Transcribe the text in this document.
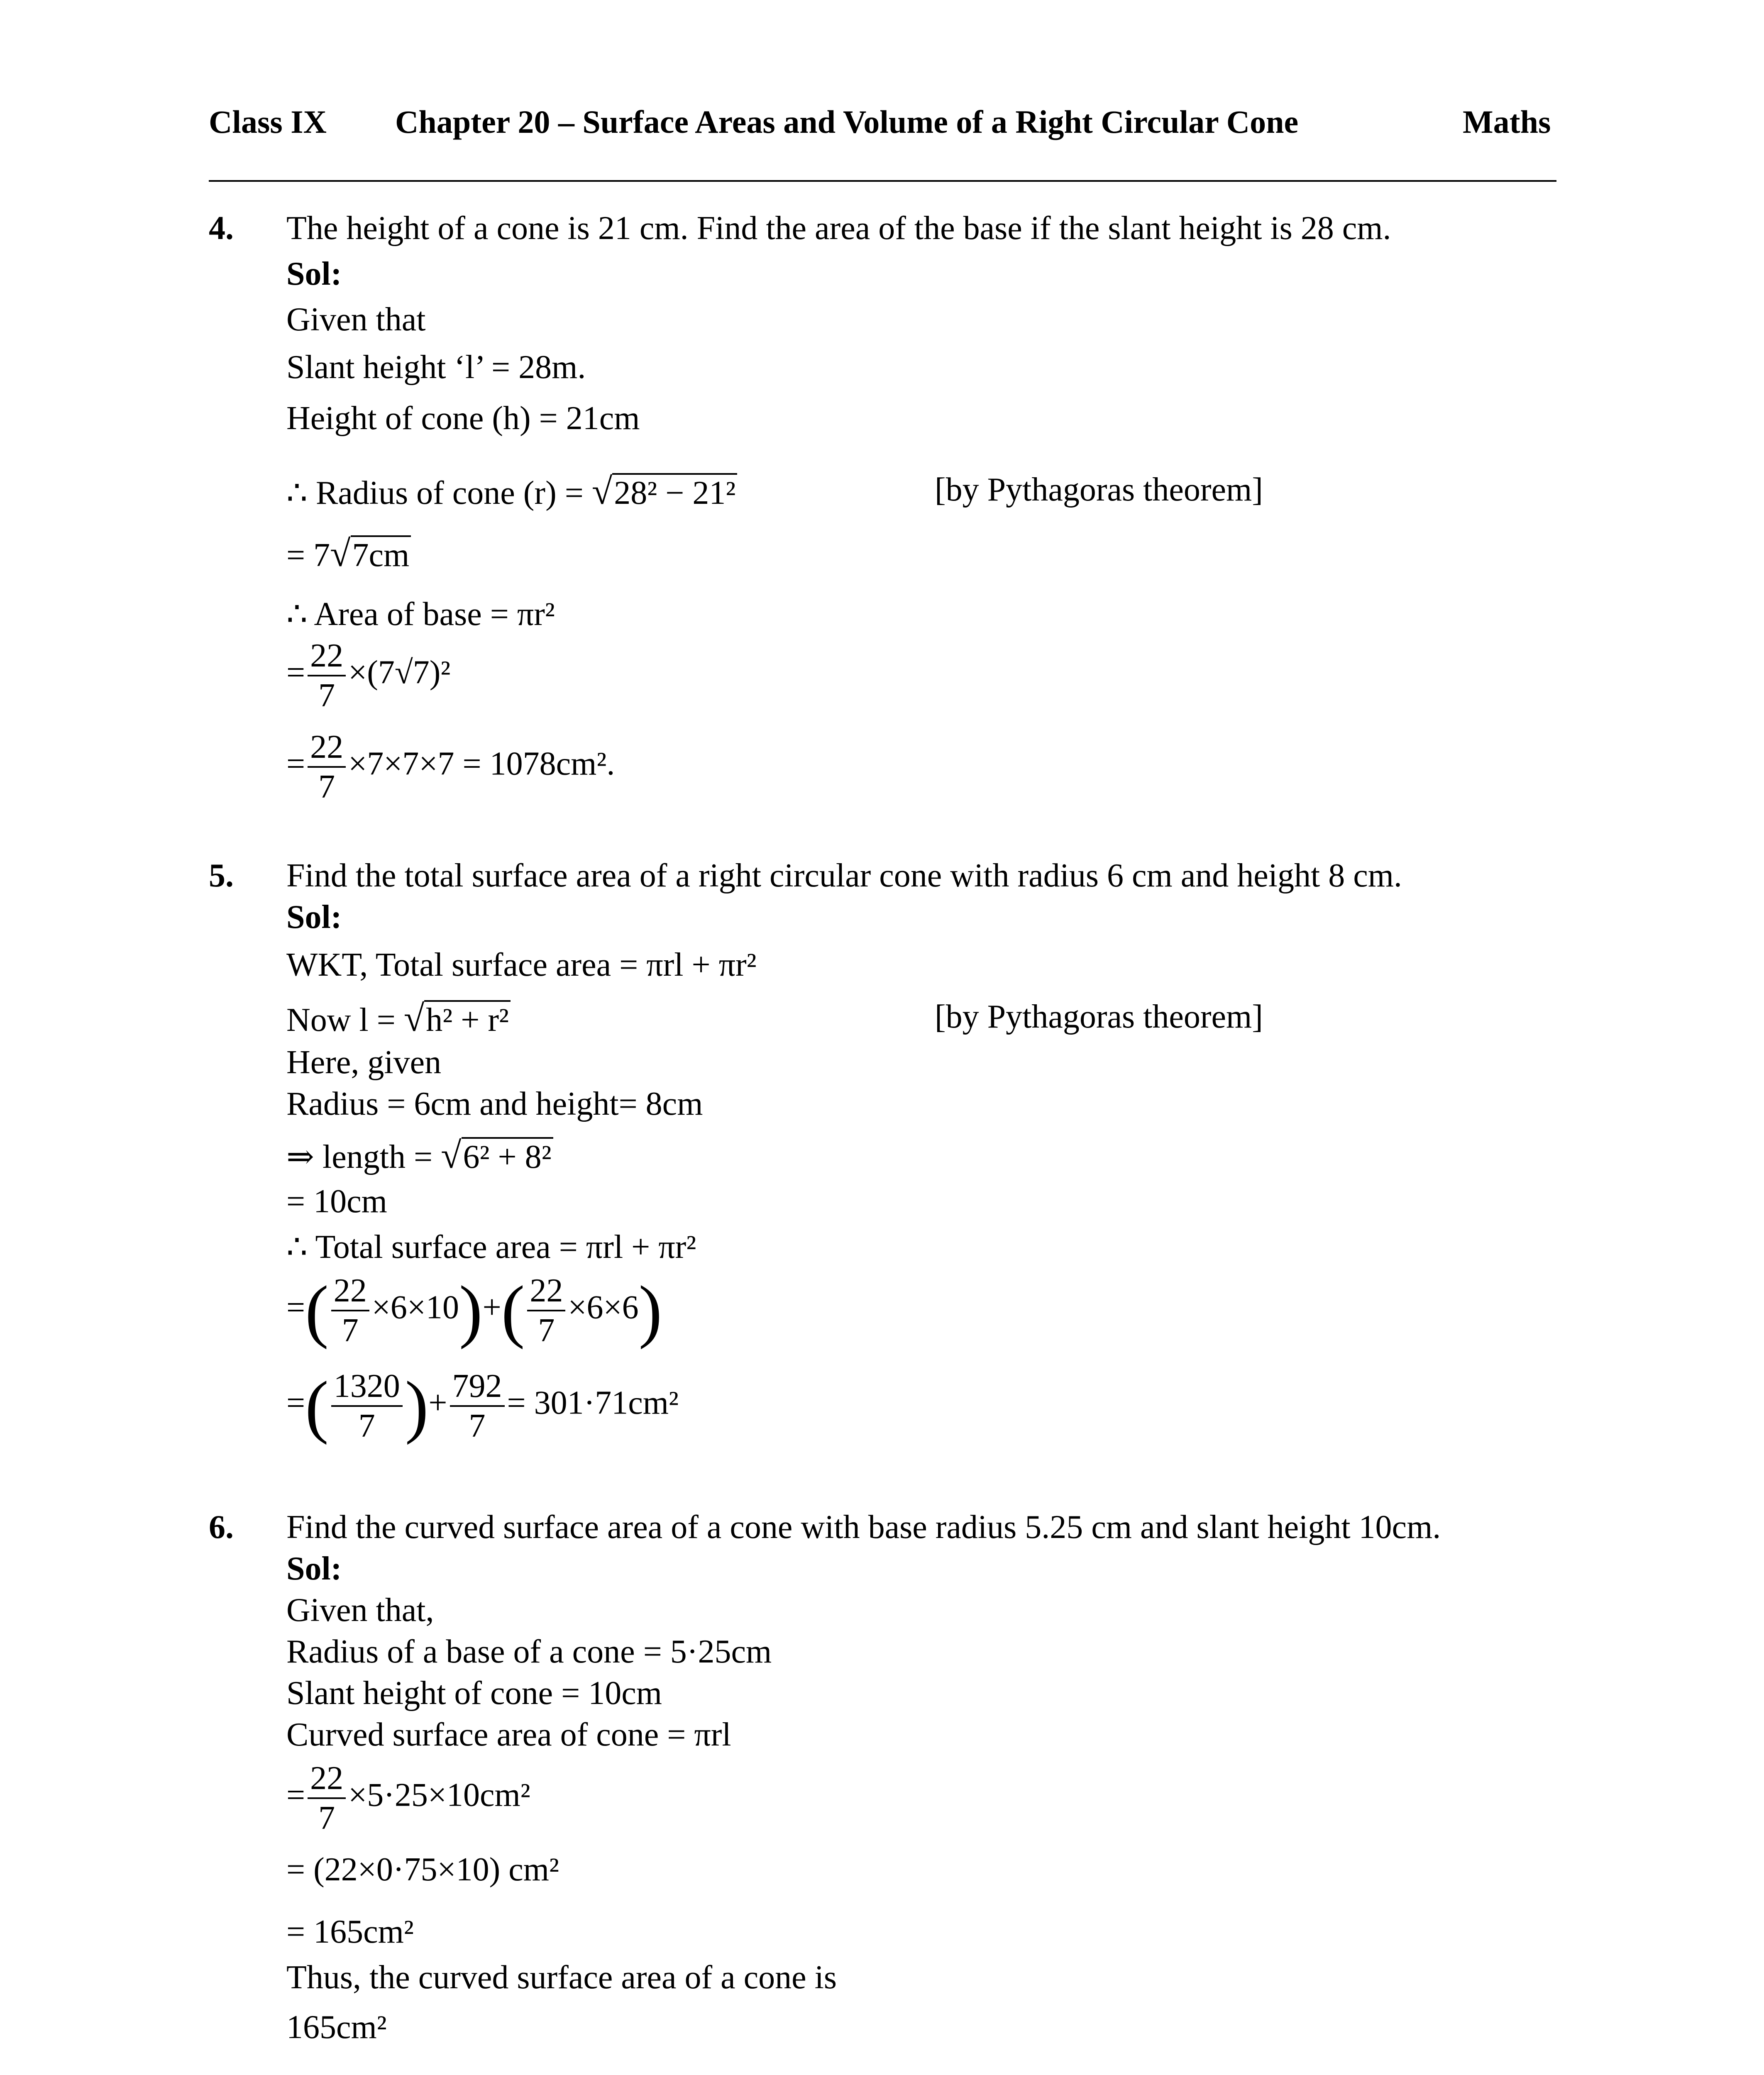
Class IX Chapter 20 – Surface Areas and Volume of a Right Circular Cone	Maths
4. The height of a cone is 21 cm. Find the area of the base if the slant height is 28 cm.
Sol:
Given that
Slant height ‘l’ = 28m.
Height of cone (h) = 21cm
∴ Radius of cone (r) = √28² − 21²	[by Pythagoras theorem]
= 7√7cm
∴ Area of base = πr²
= $\frac{22}{7} \times(7√7)^2$
= $\frac{22}{7} \times 7\times 7\times 7 = 1078cm^2$.
5. Find the total surface area of a right circular cone with radius 6 cm and height 8 cm.
Sol:
WKT, Total surface area = πrl + πr²
Now l = √h² + r²	[by Pythagoras theorem]
Here, given
Radius = 6cm and height= 8cm
⇒ length = √6² + 8²
= 10cm
∴ Total surface area = πrl + πr²
=( $\frac{22}{7} \times 6\times 10)+( \frac{22}{7} \times 6\times 6)$
=( $\frac{1320}{7}$ )+ $\frac{792}{7} = 301\cdot 71cm^2$
6. Find the curved surface area of a cone with base radius 5.25 cm and slant height 10cm.
Sol:
Given that,
Radius of a base of a cone = 5·25cm
Slant height of cone = 10cm
Curved surface area of cone = πrl
= $\frac{22}{7} \times 5\cdot 25\times 10cm^2$
= (22×0·75×10) cm²
= 165cm²
Thus, the curved surface area of a cone is
165cm²
